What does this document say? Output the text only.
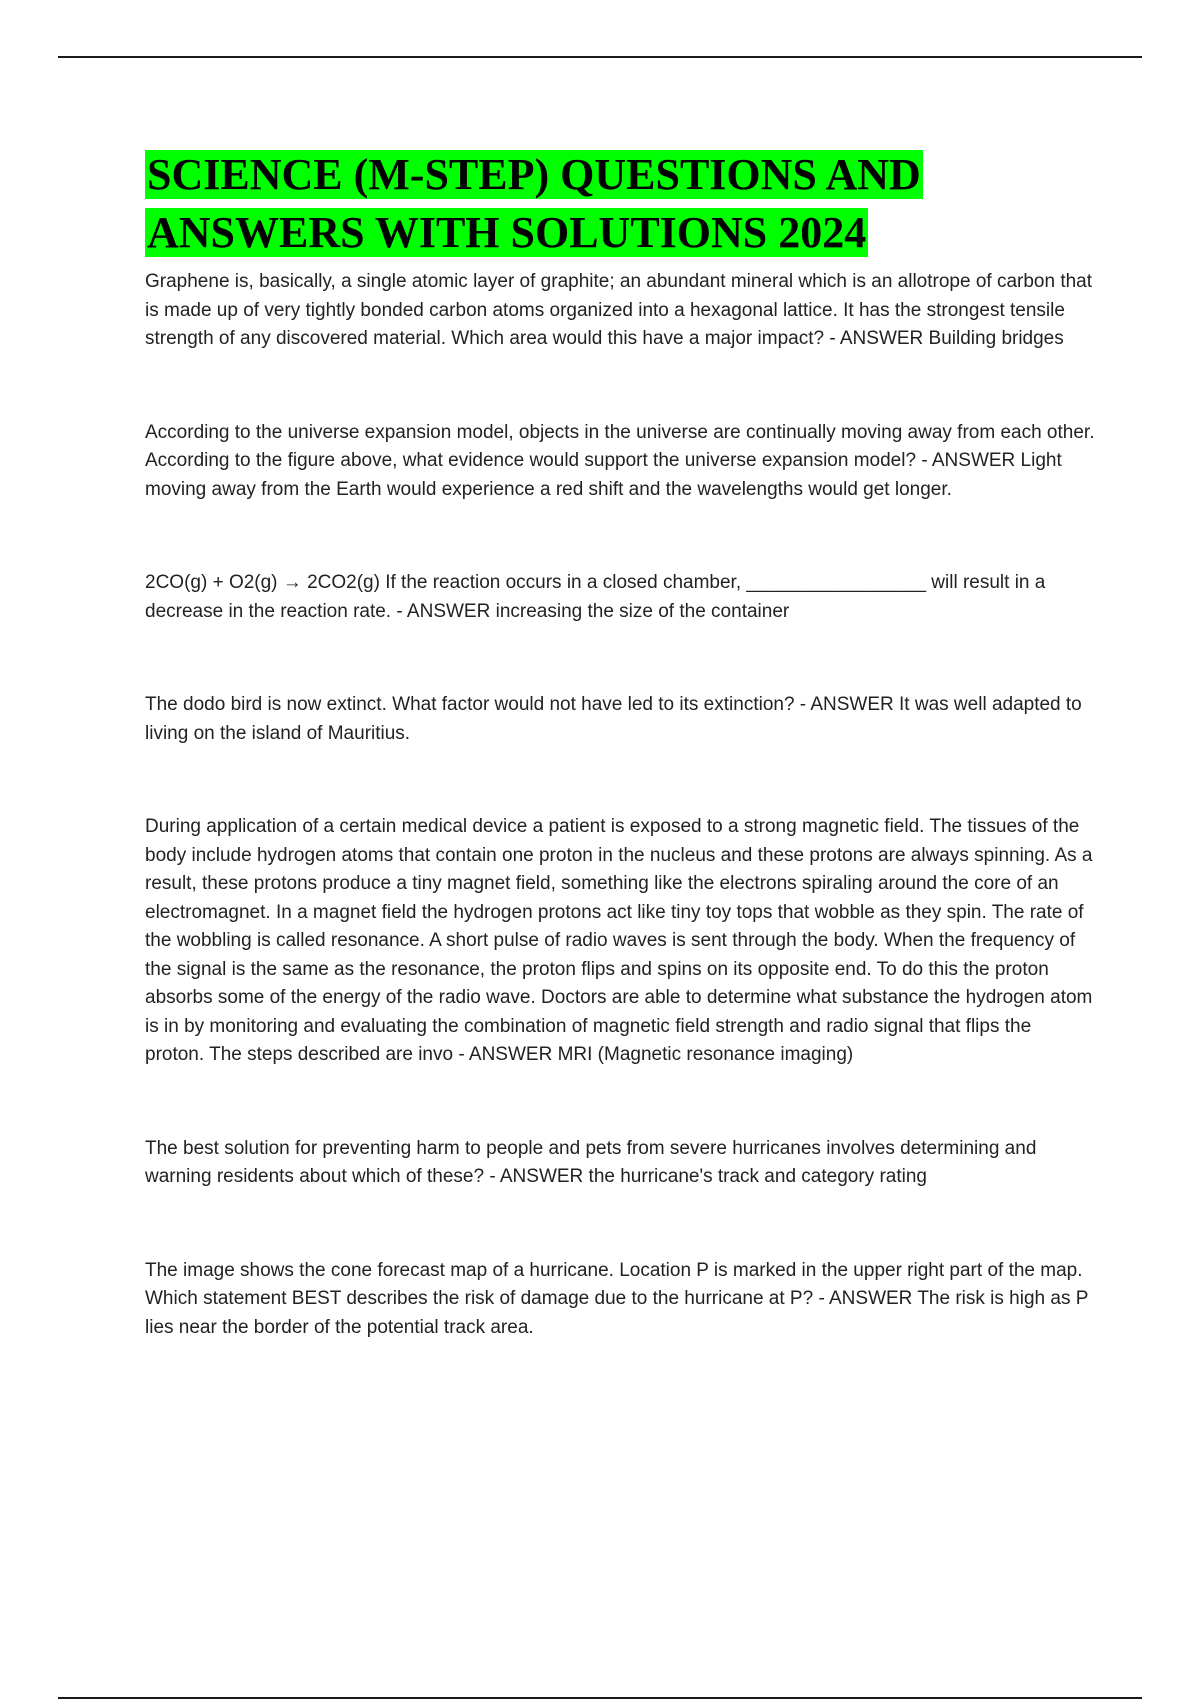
SCIENCE (M-STEP) QUESTIONS AND ANSWERS WITH SOLUTIONS 2024

Graphene is, basically, a single atomic layer of graphite; an abundant mineral which is an allotrope of carbon that is made up of very tightly bonded carbon atoms organized into a hexagonal lattice. It has the strongest tensile strength of any discovered material. Which area would this have a major impact? - ANSWER Building bridges

According to the universe expansion model, objects in the universe are continually moving away from each other. According to the figure above, what evidence would support the universe expansion model? - ANSWER Light moving away from the Earth would experience a red shift and the wavelengths would get longer.

2CO(g) + O2(g) → 2CO2(g) If the reaction occurs in a closed chamber, _________________ will result in a decrease in the reaction rate. - ANSWER increasing the size of the container

The dodo bird is now extinct. What factor would not have led to its extinction? - ANSWER It was well adapted to living on the island of Mauritius.

During application of a certain medical device a patient is exposed to a strong magnetic field. The tissues of the body include hydrogen atoms that contain one proton in the nucleus and these protons are always spinning. As a result, these protons produce a tiny magnet field, something like the electrons spiraling around the core of an electromagnet. In a magnet field the hydrogen protons act like tiny toy tops that wobble as they spin. The rate of the wobbling is called resonance. A short pulse of radio waves is sent through the body. When the frequency of the signal is the same as the resonance, the proton flips and spins on its opposite end. To do this the proton absorbs some of the energy of the radio wave. Doctors are able to determine what substance the hydrogen atom is in by monitoring and evaluating the combination of magnetic field strength and radio signal that flips the proton. The steps described are invo - ANSWER MRI (Magnetic resonance imaging)

The best solution for preventing harm to people and pets from severe hurricanes involves determining and warning residents about which of these? - ANSWER the hurricane's track and category rating

The image shows the cone forecast map of a hurricane. Location P is marked in the upper right part of the map. Which statement BEST describes the risk of damage due to the hurricane at P? - ANSWER The risk is high as P lies near the border of the potential track area.
